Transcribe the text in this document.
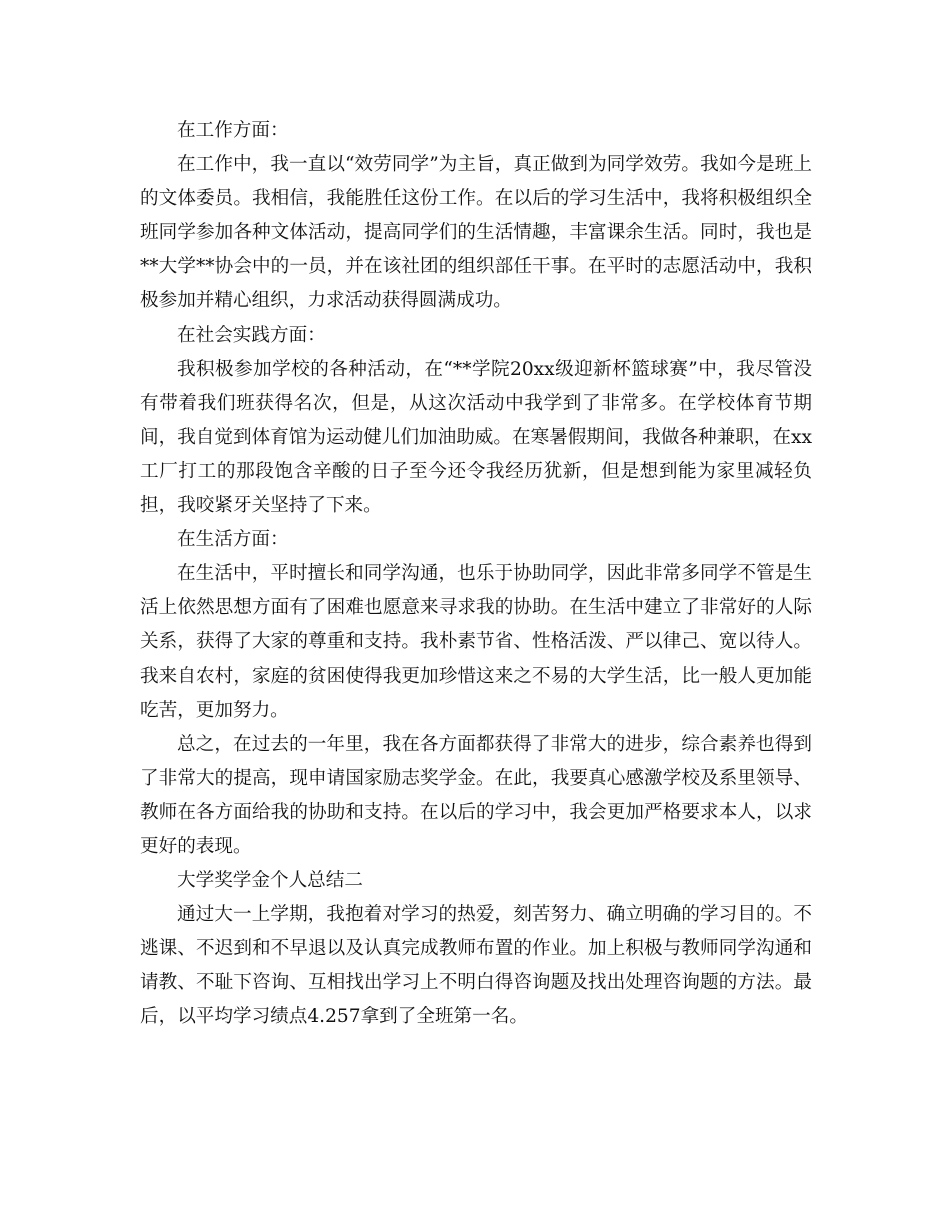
在工作方面：

在工作中，我一直以“效劳同学”为主旨，真正做到为同学效劳。我如今是班上的文体委员。我相信，我能胜任这份工作。在以后的学习生活中，我将积极组织全班同学参加各种文体活动，提高同学们的生活情趣，丰富课余生活。同时，我也是**大学**协会中的一员，并在该社团的组织部任干事。在平时的志愿活动中，我积极参加并精心组织，力求活动获得圆满成功。

在社会实践方面：

我积极参加学校的各种活动，在“**学院20xx级迎新杯篮球赛”中，我尽管没有带着我们班获得名次，但是，从这次活动中我学到了非常多。在学校体育节期间，我自觉到体育馆为运动健儿们加油助威。在寒暑假期间，我做各种兼职，在xx工厂打工的那段饱含辛酸的日子至今还令我经历犹新，但是想到能为家里减轻负担，我咬紧牙关坚持了下来。

在生活方面：

在生活中，平时擅长和同学沟通，也乐于协助同学，因此非常多同学不管是生活上依然思想方面有了困难也愿意来寻求我的协助。在生活中建立了非常好的人际关系，获得了大家的尊重和支持。我朴素节省、性格活泼、严以律己、宽以待人。我来自农村，家庭的贫困使得我更加珍惜这来之不易的大学生活，比一般人更加能吃苦，更加努力。

总之，在过去的一年里，我在各方面都获得了非常大的进步，综合素养也得到了非常大的提高，现申请国家励志奖学金。在此，我要真心感激学校及系里领导、教师在各方面给我的协助和支持。在以后的学习中，我会更加严格要求本人，以求更好的表现。

大学奖学金个人总结二

通过大一上学期，我抱着对学习的热爱，刻苦努力、确立明确的学习目的。不逃课、不迟到和不早退以及认真完成教师布置的作业。加上积极与教师同学沟通和请教、不耻下咨询、互相找出学习上不明白得咨询题及找出处理咨询题的方法。最后，以平均学习绩点4.257拿到了全班第一名。
